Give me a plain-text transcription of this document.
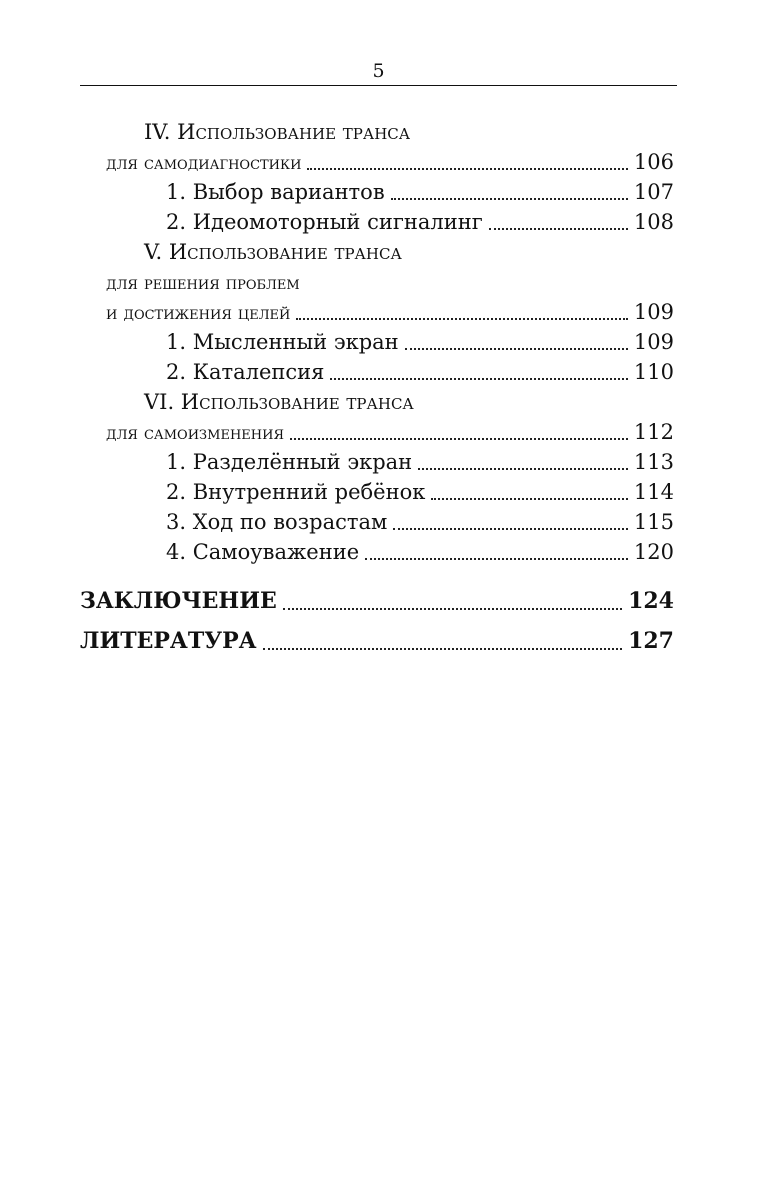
5
IV. Использование транса
для самодиагностики	106
1. Выбор вариантов	107
2. Идеомоторный сигналинг	108
V. Использование транса
для решения проблем
и достижения целей	109
1. Мысленный экран	109
2. Каталепсия	110
VI. Использование транса
для самоизменения	112
1. Разделённый экран	113
2. Внутренний ребёнок	114
3. Ход по возрастам	115
4. Самоуважение	120
ЗАКЛЮЧЕНИЕ	124
ЛИТЕРАТУРА	127
